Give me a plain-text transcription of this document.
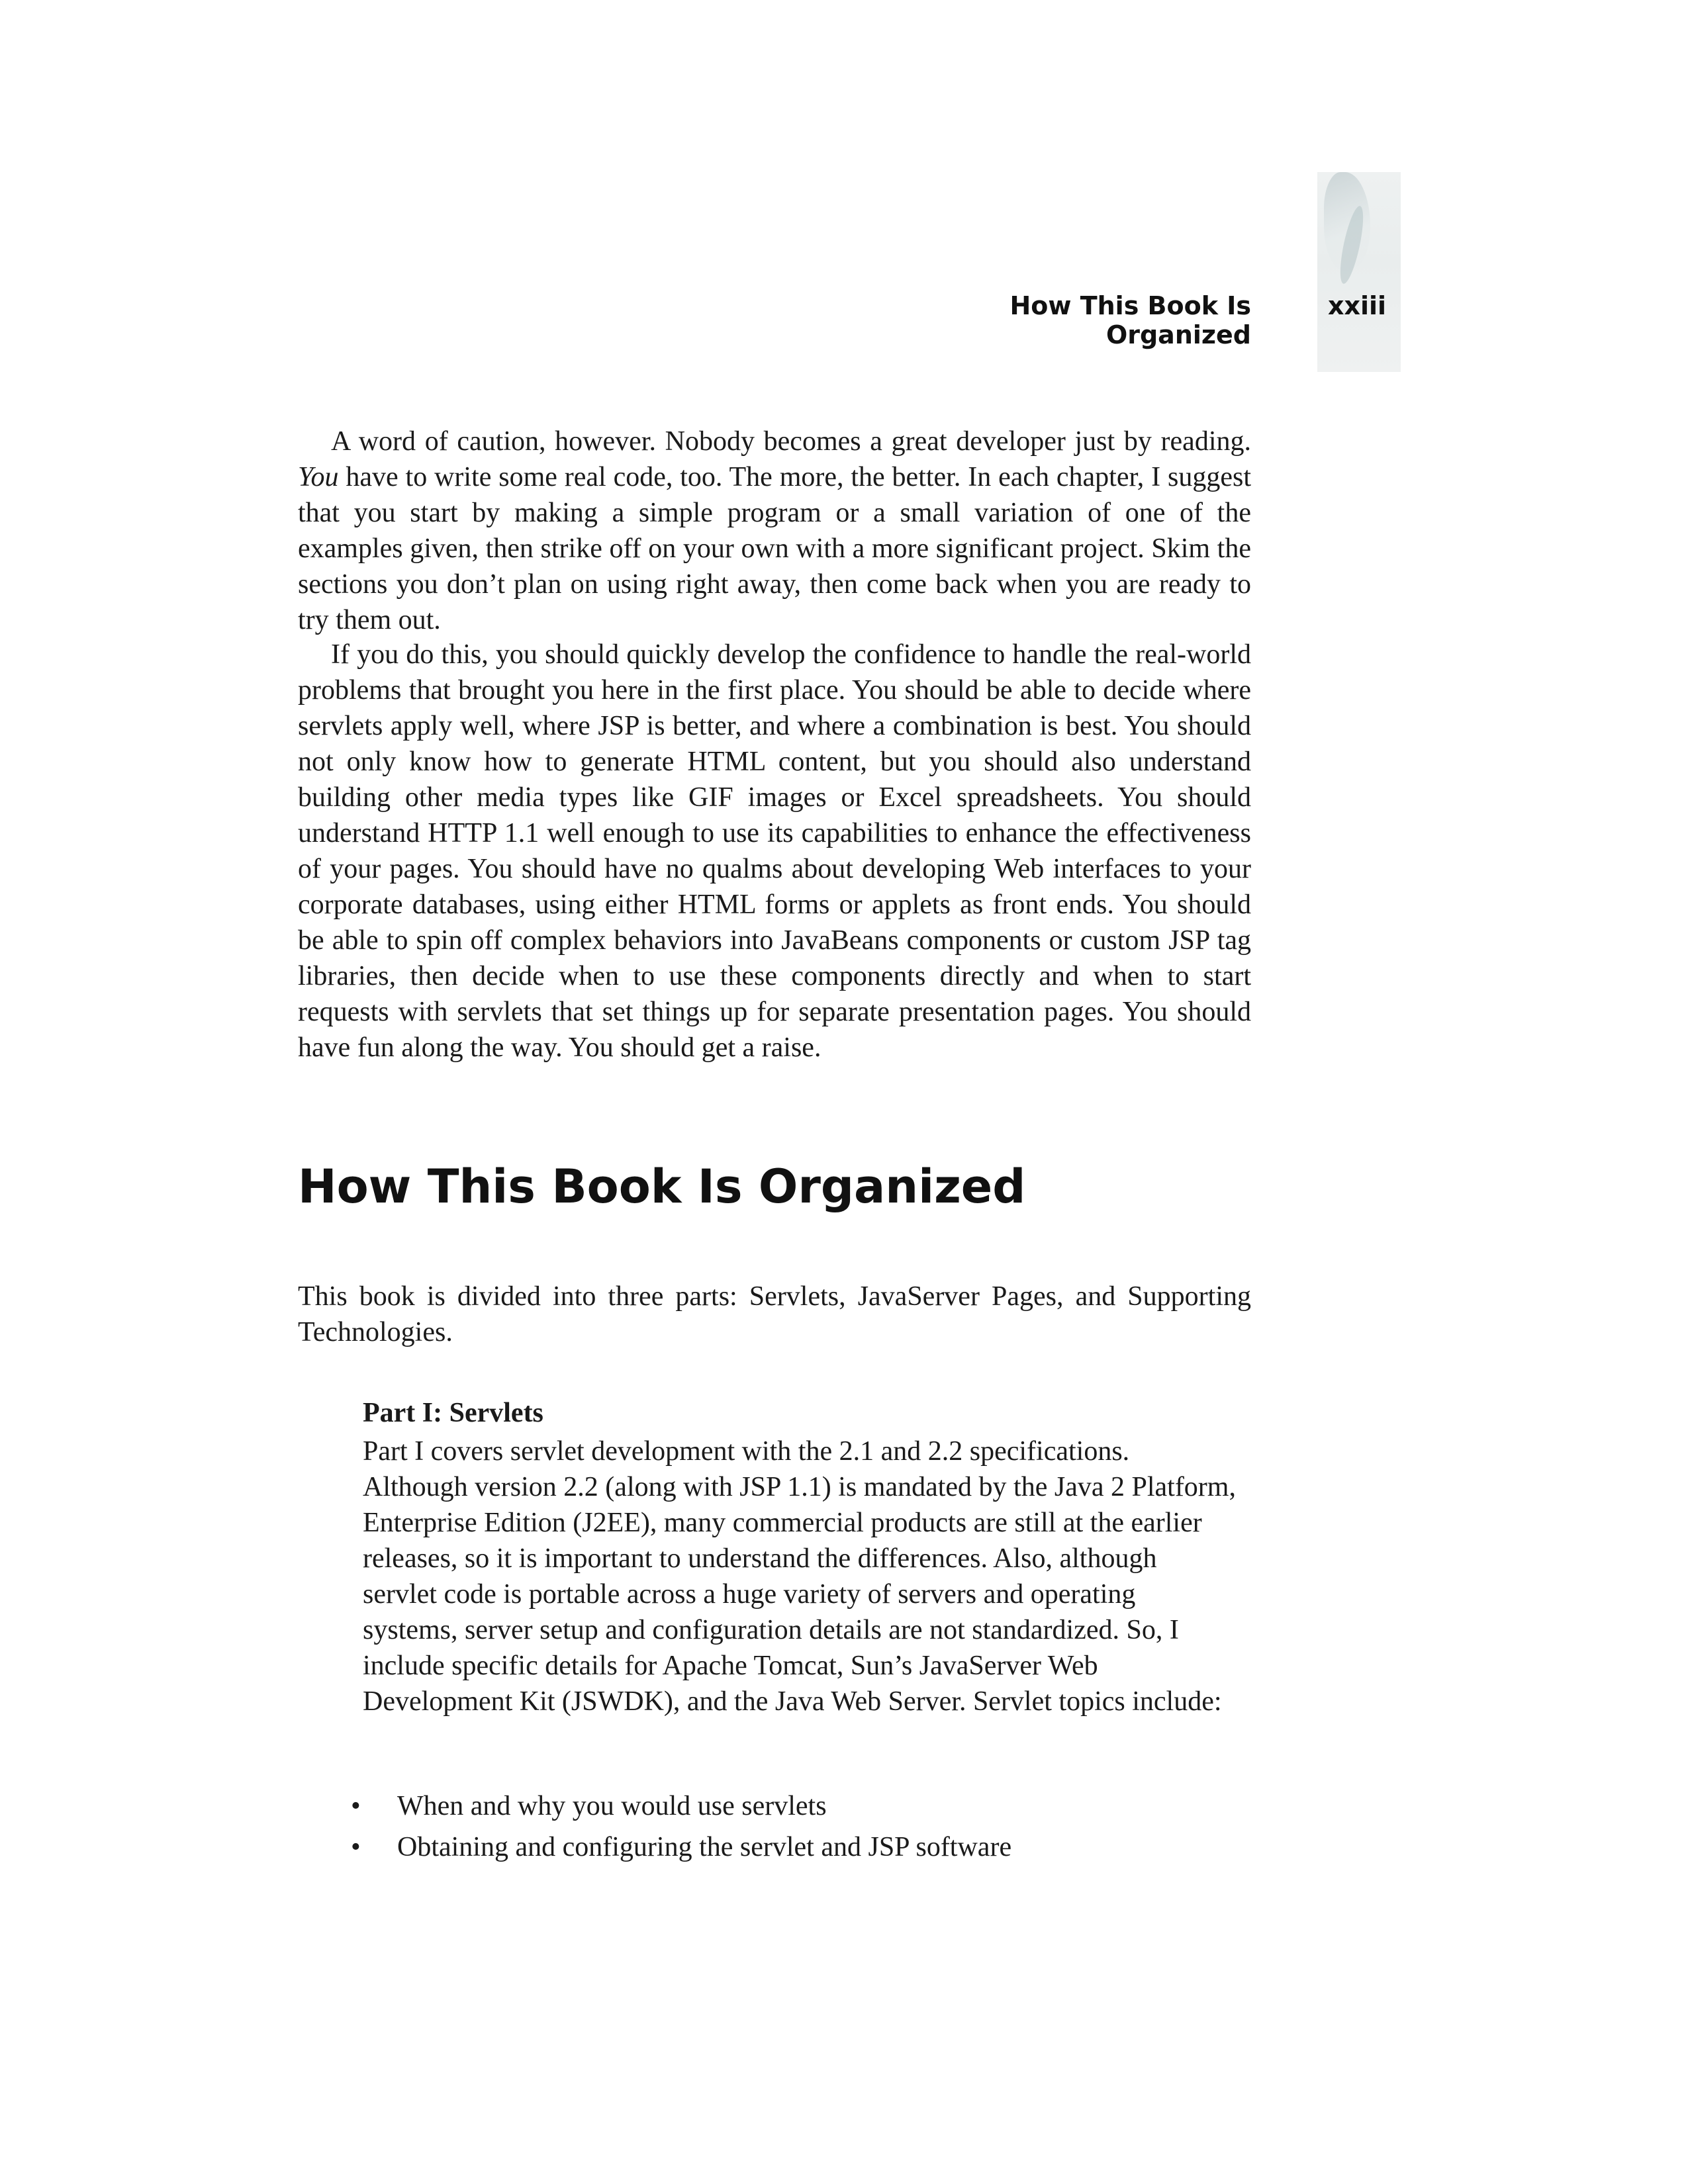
How This Book Is Organized
xxiii

A word of caution, however. Nobody becomes a great developer just by reading. You have to write some real code, too. The more, the better. In each chapter, I suggest that you start by making a simple program or a small variation of one of the examples given, then strike off on your own with a more significant project. Skim the sections you don’t plan on using right away, then come back when you are ready to try them out.

If you do this, you should quickly develop the confidence to handle the real-world problems that brought you here in the first place. You should be able to decide where servlets apply well, where JSP is better, and where a combination is best. You should not only know how to generate HTML content, but you should also understand building other media types like GIF images or Excel spreadsheets. You should understand HTTP 1.1 well enough to use its capabilities to enhance the effectiveness of your pages. You should have no qualms about developing Web interfaces to your corporate databases, using either HTML forms or applets as front ends. You should be able to spin off complex behaviors into JavaBeans components or custom JSP tag libraries, then decide when to use these components directly and when to start requests with servlets that set things up for separate presentation pages. You should have fun along the way. You should get a raise.

How This Book Is Organized

This book is divided into three parts: Servlets, JavaServer Pages, and Supporting Technologies.

Part I: Servlets

Part I covers servlet development with the 2.1 and 2.2 specifications. Although version 2.2 (along with JSP 1.1) is mandated by the Java 2 Platform, Enterprise Edition (J2EE), many commercial products are still at the earlier releases, so it is important to understand the differences. Also, although servlet code is portable across a huge variety of servers and operating systems, server setup and configuration details are not standardized. So, I include specific details for Apache Tomcat, Sun’s JavaServer Web Development Kit (JSWDK), and the Java Web Server. Servlet topics include:

• When and why you would use servlets
• Obtaining and configuring the servlet and JSP software
